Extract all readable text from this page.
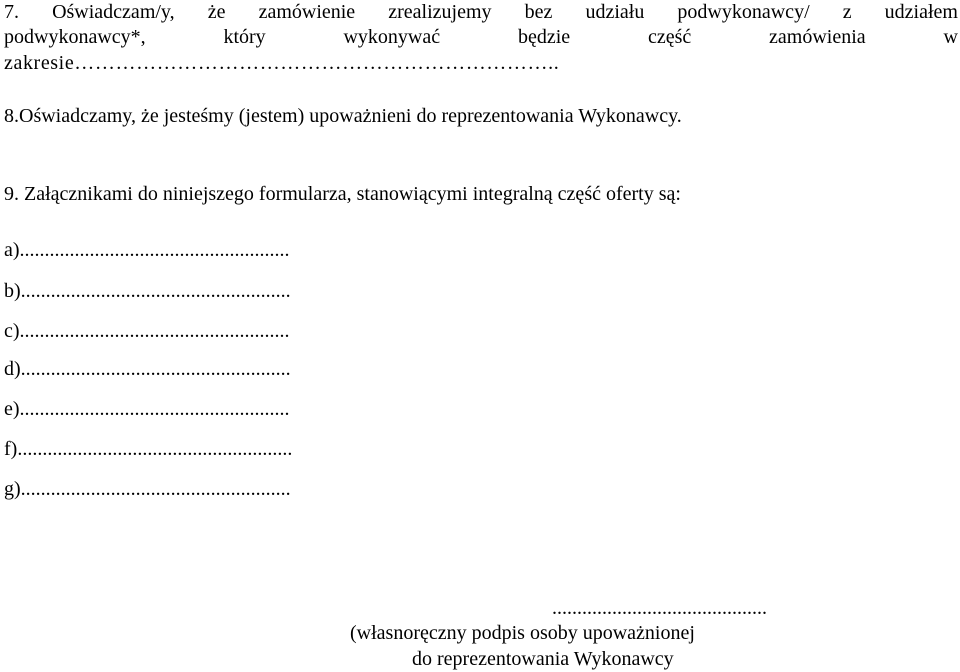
7. Oświadczam/y, że zamówienie zrealizujemy bez udziału podwykonawcy/ z udziałem
podwykonawcy*,	który	wykonywać	będzie	część	zamówienia	w
zakresie……………………………………………………………..
8.Oświadczamy, że jesteśmy (jestem) upoważnieni do reprezentowania Wykonawcy.
9. Załącznikami do niniejszego formularza, stanowiącymi integralną część oferty są:
a)......................................................
b)......................................................
c)......................................................
d)......................................................
e)......................................................
f).......................................................
g)......................................................
...........................................
(własnoręczny podpis osoby upoważnionej
do reprezentowania Wykonawcy
